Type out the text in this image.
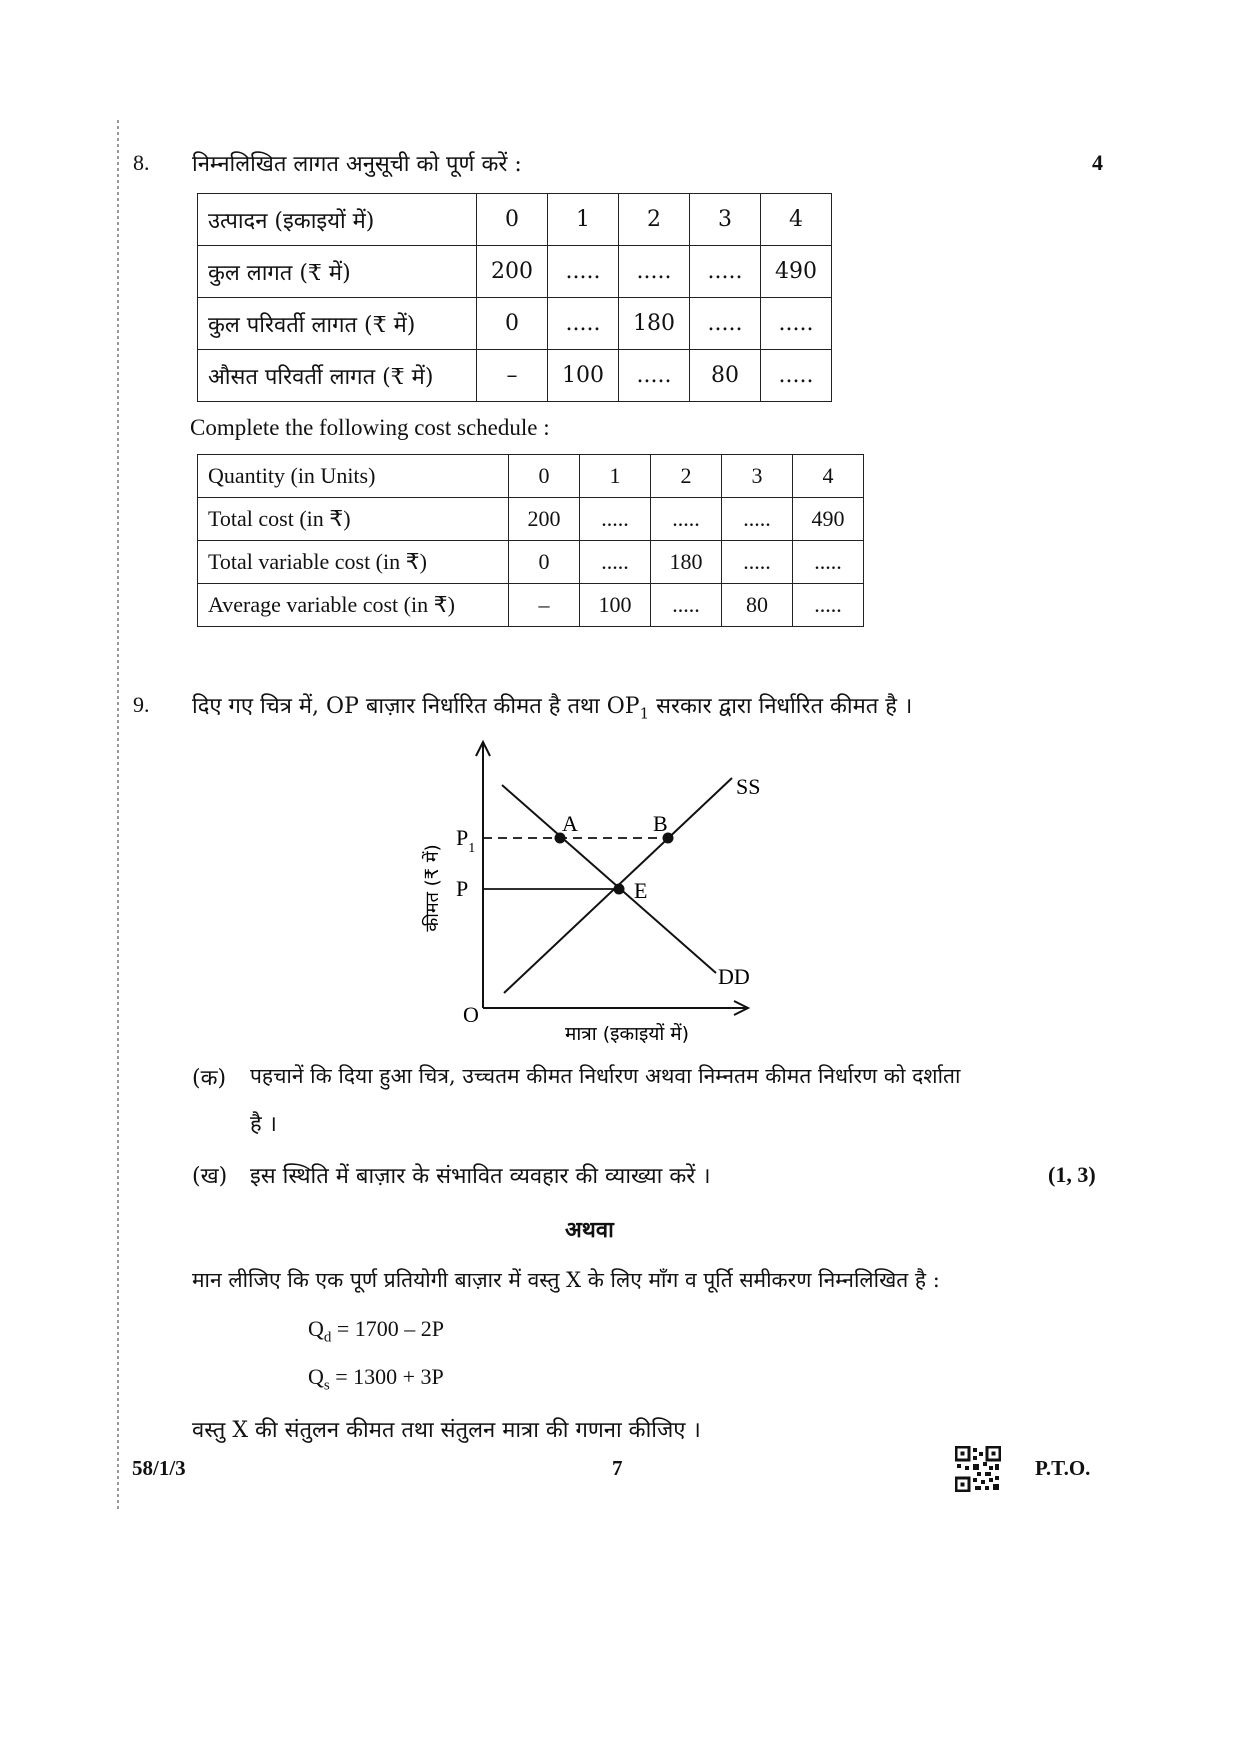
8. निम्नलिखित लागत अनुसूची को पूर्ण करें :	4
उत्पादन (इकाइयों में)	0	1	2	3	4
कुल लागत (₹ में)	200	.....	.....	.....	490
कुल परिवर्ती लागत (₹ में)	0	.....	180	.....	.....
औसत परिवर्ती लागत (₹ में)	–	100	.....	80	.....
Complete the following cost schedule :
Quantity (in Units)	0	1	2	3	4
Total cost (in ₹)	200	.....	.....	.....	490
Total variable cost (in ₹)	0	.....	180	.....	.....
Average variable cost (in ₹)	–	100	.....	80	.....
9. दिए गए चित्र में, OP बाज़ार निर्धारित कीमत है तथा $OP_1$ सरकार द्वारा निर्धारित कीमत है ।
A	B
E
SS
DD
$P_1$
P
O
मात्रा (इकाइयों में)
कीमत (₹ में)
(क) पहचानें कि दिया हुआ चित्र, उच्चतम कीमत निर्धारण अथवा निम्नतम कीमत निर्धारण को दर्शाता
है ।
(ख) इस स्थिति में बाज़ार के संभावित व्यवहार की व्याख्या करें ।	(1, 3)
अथवा
मान लीजिए कि एक पूर्ण प्रतियोगी बाज़ार में वस्तु X के लिए माँग व पूर्ति समीकरण निम्नलिखित है :
$Q_d = 1700 - 2P$
$Q_s = 1300 + 3P$
वस्तु X की संतुलन कीमत तथा संतुलन मात्रा की गणना कीजिए ।
58/1/3	7	P.T.O.
